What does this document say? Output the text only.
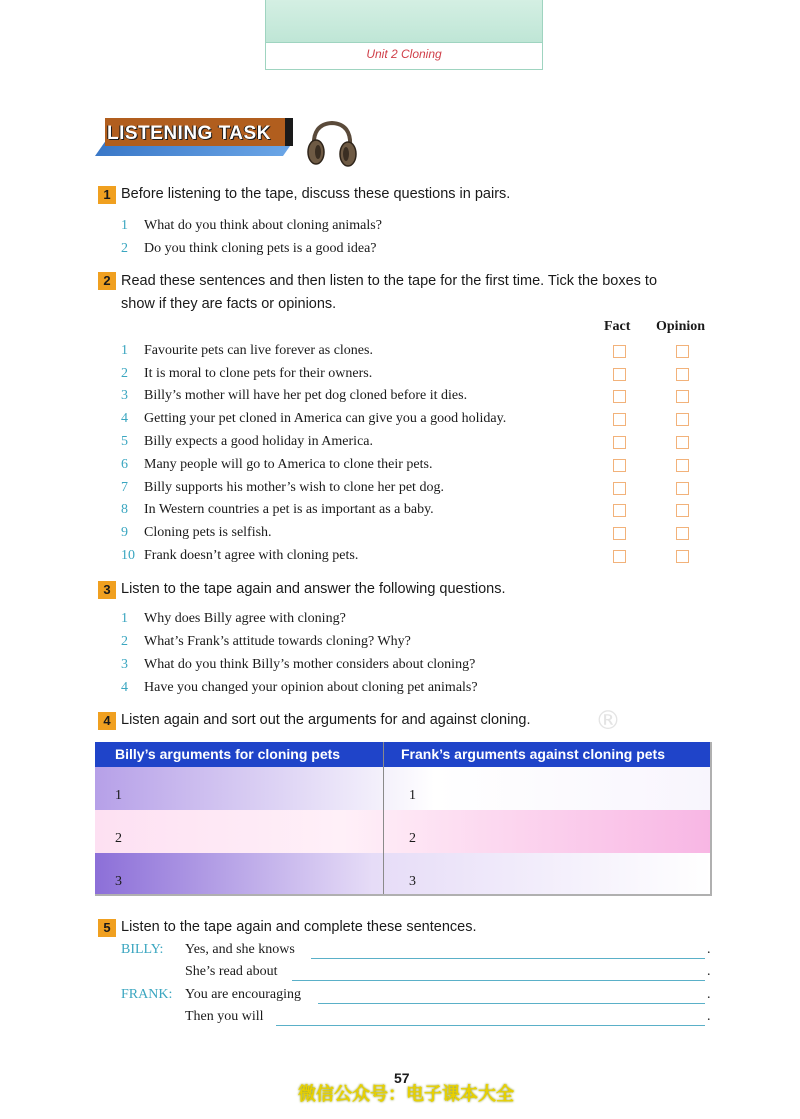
Unit 2 Cloning
LISTENING TASK
1 Before listening to the tape, discuss these questions in pairs.
1 What do you think about cloning animals?
2 Do you think cloning pets is a good idea?
2 Read these sentences and then listen to the tape for the first time. Tick the boxes to
show if they are facts or opinions.
Fact Opinion
1 Favourite pets can live forever as clones.
2 It is moral to clone pets for their owners.
3 Billy’s mother will have her pet dog cloned before it dies.
4 Getting your pet cloned in America can give you a good holiday.
5 Billy expects a good holiday in America.
6 Many people will go to America to clone their pets.
7 Billy supports his mother’s wish to clone her pet dog.
8 In Western countries a pet is as important as a baby.
9 Cloning pets is selfish.
10 Frank doesn’t agree with cloning pets.
3 Listen to the tape again and answer the following questions.
1 Why does Billy agree with cloning?
2 What’s Frank’s attitude towards cloning? Why?
3 What do you think Billy’s mother considers about cloning?
4 Have you changed your opinion about cloning pet animals?
4 Listen again and sort out the arguments for and against cloning. ®
Billy’s arguments for cloning pets	Frank’s arguments against cloning pets
1	1
2	2
3	3
5 Listen to the tape again and complete these sentences.
BILLY: Yes, and she knows	.
She’s read about	.
FRANK: You are encouraging	.
Then you will	.
57
微信公众号：电子课本大全
